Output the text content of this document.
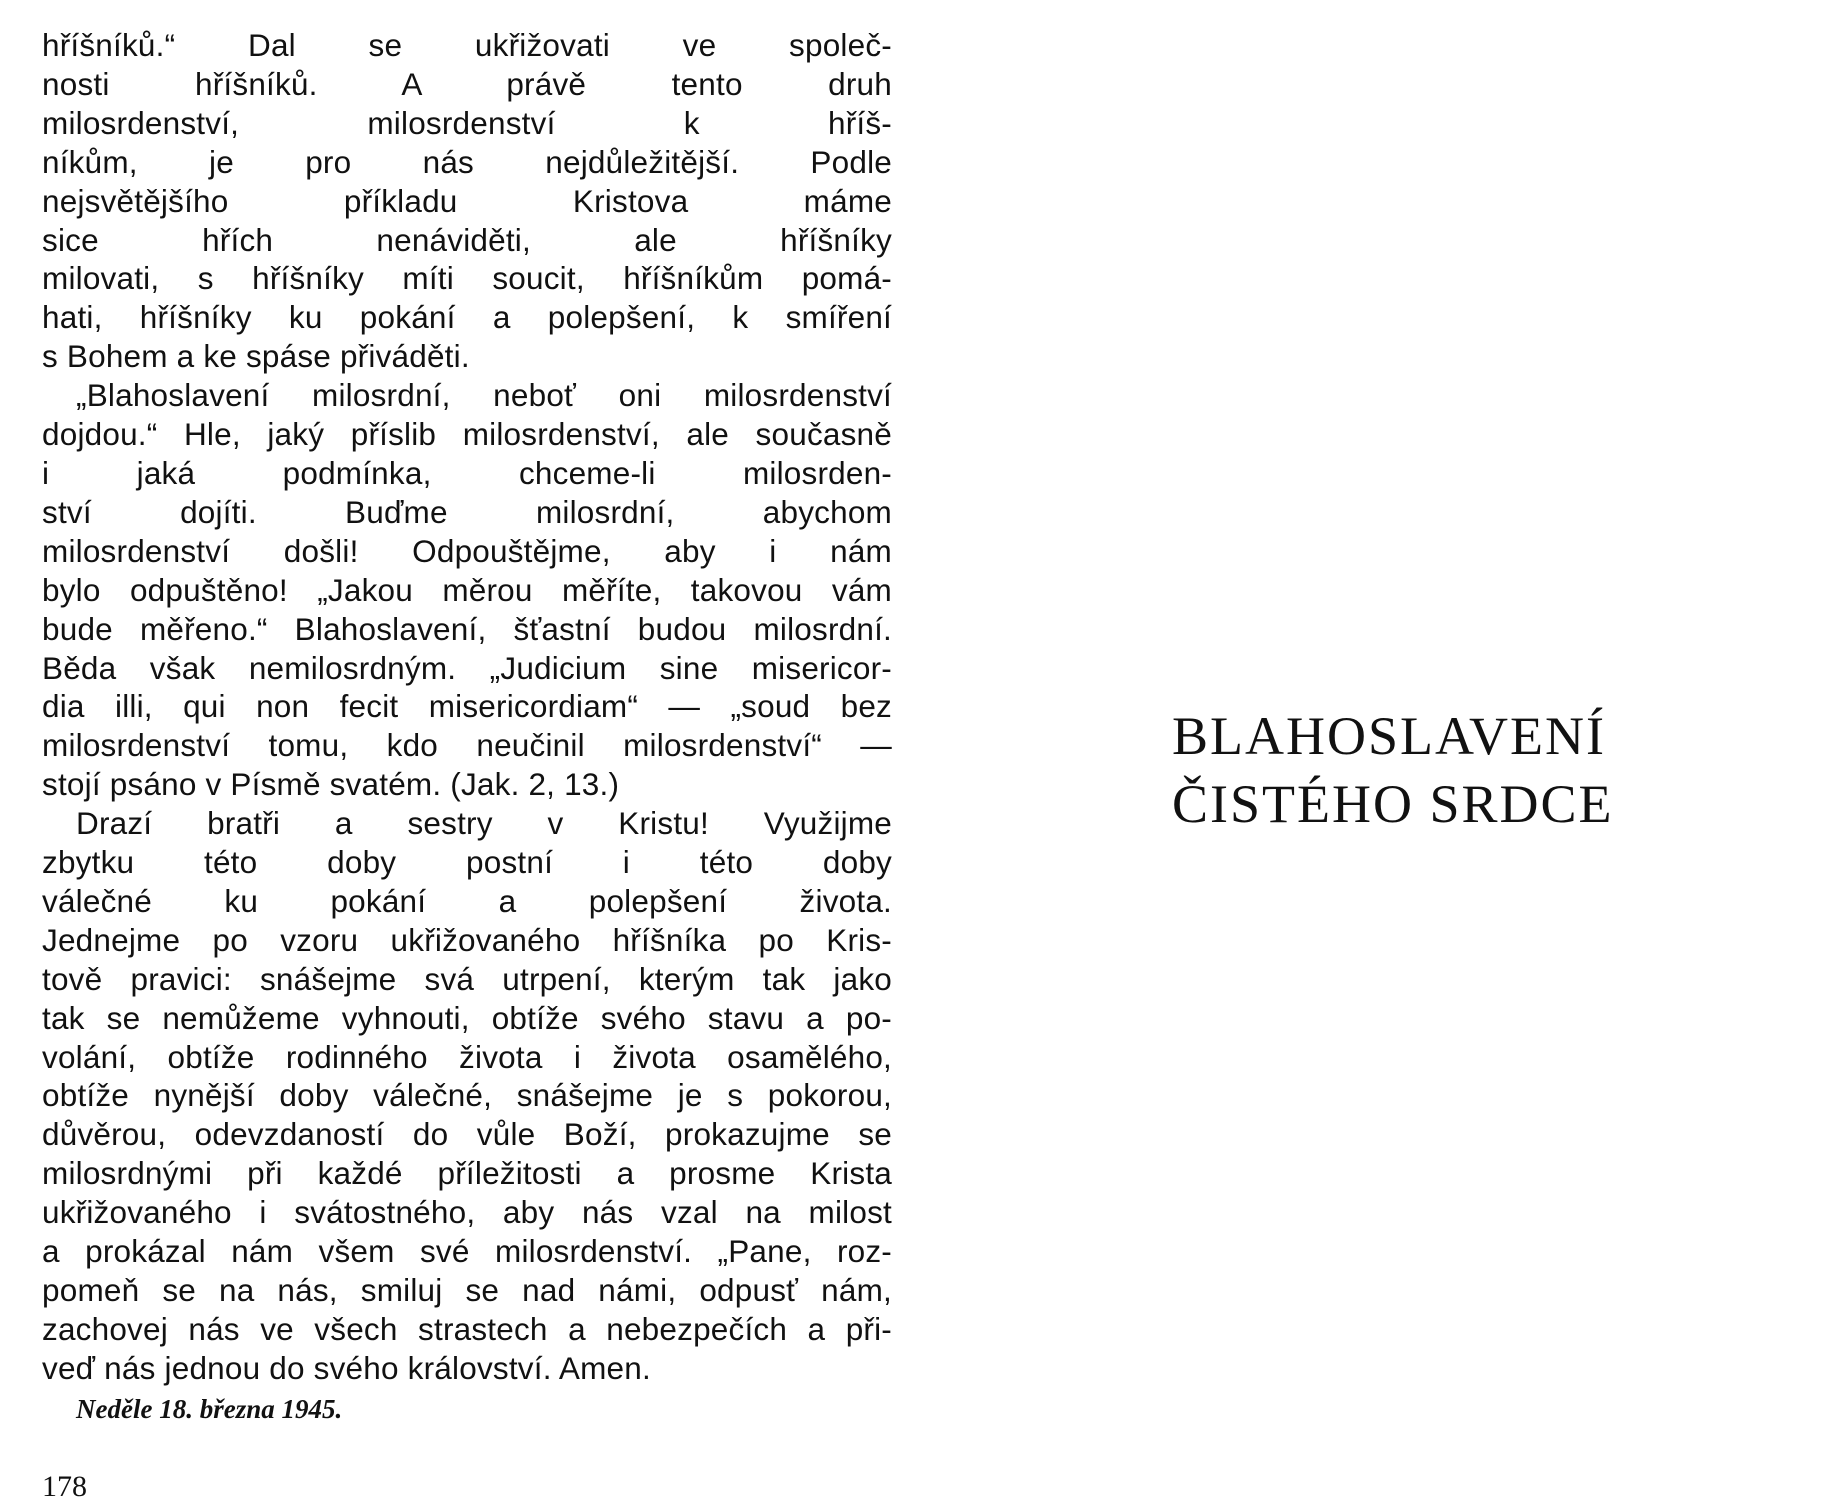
hříšníků.“ Dal se ukřižovati ve společ-
nosti hříšníků. A právě tento druh
milosrdenství, milosrdenství k hříš-
níkům, je pro nás nejdůležitější. Podle
nejsvětějšího příkladu Kristova máme
sice hřích nenáviděti, ale hříšníky
milovati, s hříšníky míti soucit, hříšníkům pomá-
hati, hříšníky ku pokání a polepšení, k smíření
s Bohem a ke spáse přiváděti.

„Blahoslavení milosrdní, neboť oni milosrdenství
dojdou.“ Hle, jaký příslib milosrdenství, ale současně
i jaká podmínka, chceme-li milosrden-
ství dojíti. Buďme milosrdní, abychom
milosrdenství došli! Odpouštějme, aby i nám
bylo odpuštěno! „Jakou měrou měříte, takovou vám
bude měřeno.“ Blahoslavení, šťastní budou milosrdní.
Běda však nemilosrdným. „Judicium sine misericor-
dia illi, qui non fecit misericordiam“ — „soud bez
milosrdenství tomu, kdo neučinil milosrdenství“ —
stojí psáno v Písmě svatém. (Jak. 2, 13.)

Drazí bratři a sestry v Kristu! Využijme
zbytku této doby postní i této doby
válečné ku pokání a polepšení života.
Jednejme po vzoru ukřižovaného hříšníka po Kris-
tově pravici: snášejme svá utrpení, kterým tak jako
tak se nemůžeme vyhnouti, obtíže svého stavu a po-
volání, obtíže rodinného života i života osamělého,
obtíže nynější doby válečné, snášejme je s pokorou,
důvěrou, odevzdaností do vůle Boží, prokazujme se
milosrdnými při každé příležitosti a prosme Krista
ukřižovaného i svátostného, aby nás vzal na milost
a prokázal nám všem své milosrdenství. „Pane, roz-
pomeň se na nás, smiluj se nad námi, odpusť nám,
zachovej nás ve všech strastech a nebezpečích a při-
veď nás jednou do svého království. Amen.

Neděle 18. března 1945.

178

BLAHOSLAVENÍ
ČISTÉHO SRDCE
